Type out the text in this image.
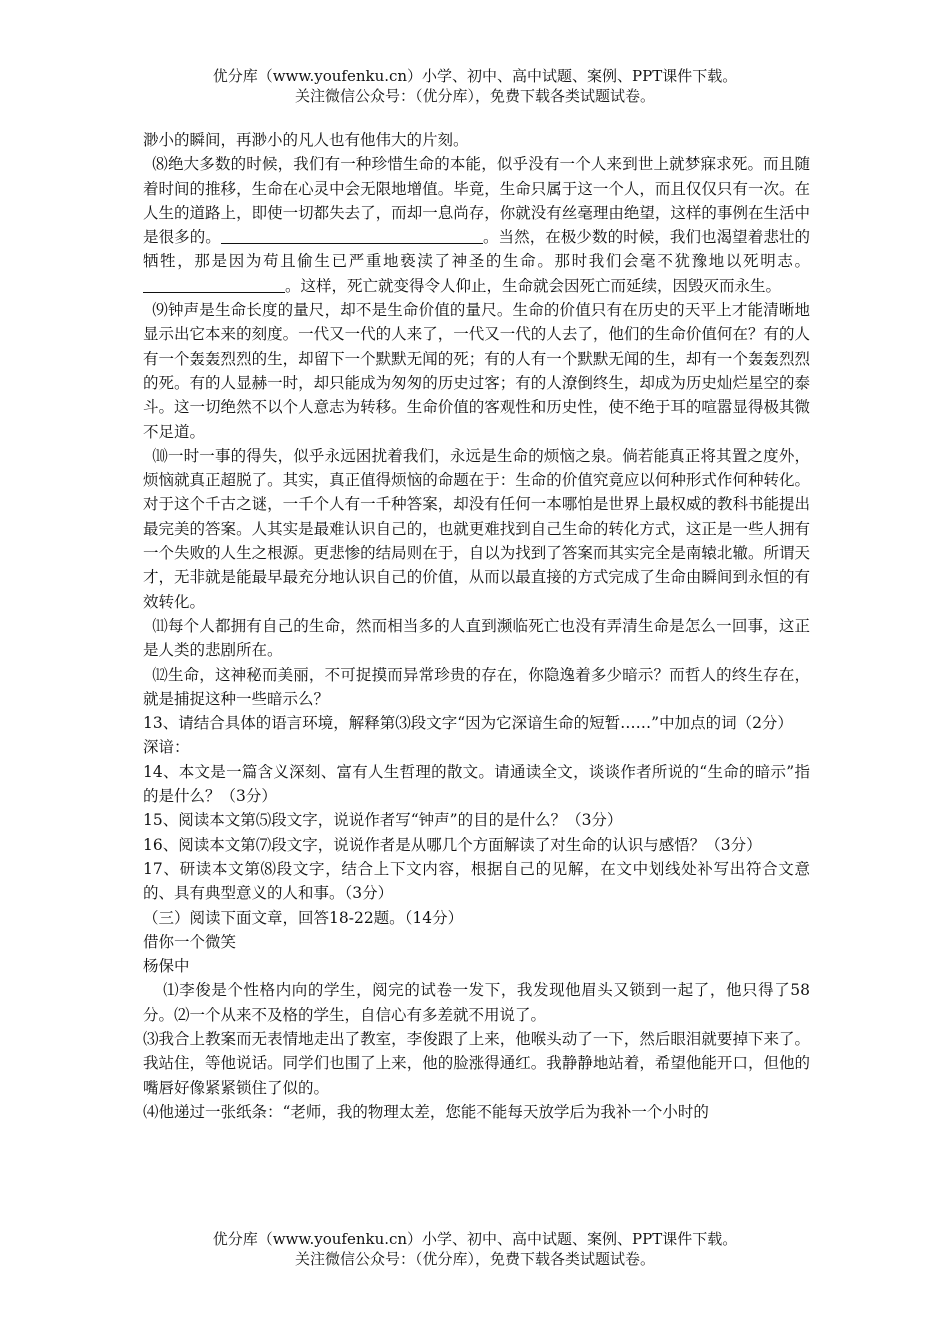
优分库（www.youfenku.cn）小学、初中、高中试题、案例、PPT课件下载。
关注微信公众号：（优分库），免费下载各类试题试卷。

渺小的瞬间，再渺小的凡人也有他伟大的片刻。

⑻绝大多数的时候，我们有一种珍惜生命的本能，似乎没有一个人来到世上就梦寐求死。而且随着时间的推移，生命在心灵中会无限地增值。毕竟，生命只属于这一个人，而且仅仅只有一次。在人生的道路上，即使一切都失去了，而却一息尚存，你就没有丝毫理由绝望，这样的事例在生活中是很多的。	。当然，在极少数的时候，我们也渴望着悲壮的牺牲，那是因为苟且偷生已严重地亵渎了神圣的生命。那时我们会毫不犹豫地以死明志。。这样，死亡就变得令人仰止，生命就会因死亡而延续，因毁灭而永生。

⑼钟声是生命长度的量尺，却不是生命价值的量尺。生命的价值只有在历史的天平上才能清晰地显示出它本来的刻度。一代又一代的人来了，一代又一代的人去了，他们的生命价值何在？有的人有一个轰轰烈烈的生，却留下一个默默无闻的死；有的人有一个默默无闻的生，却有一个轰轰烈烈的死。有的人显赫一时，却只能成为匆匆的历史过客；有的人潦倒终生，却成为历史灿烂星空的泰斗。这一切绝然不以个人意志为转移。生命价值的客观性和历史性，使不绝于耳的喧嚣显得极其微不足道。

⑽一时一事的得失，似乎永远困扰着我们，永远是生命的烦恼之泉。倘若能真正将其置之度外，烦恼就真正超脱了。其实，真正值得烦恼的命题在于：生命的价值究竟应以何种形式作何种转化。对于这个千古之谜，一千个人有一千种答案，却没有任何一本哪怕是世界上最权威的教科书能提出最完美的答案。人其实是最难认识自己的，也就更难找到自己生命的转化方式，这正是一些人拥有一个失败的人生之根源。更悲惨的结局则在于，自以为找到了答案而其实完全是南辕北辙。所谓天才，无非就是能最早最充分地认识自己的价值，从而以最直接的方式完成了生命由瞬间到永恒的有效转化。

⑾每个人都拥有自己的生命，然而相当多的人直到濒临死亡也没有弄清生命是怎么一回事，这正是人类的悲剧所在。

⑿生命，这神秘而美丽，不可捉摸而异常珍贵的存在，你隐逸着多少暗示？而哲人的终生存在，就是捕捉这种一些暗示么？

13、请结合具体的语言环境，解释第⑶段文字“因为它深谙生命的短暂……”中加点的词（2分）

深谙：

14、本文是一篇含义深刻、富有人生哲理的散文。请通读全文，谈谈作者所说的“生命的暗示”指的是什么？（3分）

15、阅读本文第⑸段文字，说说作者写“钟声”的目的是什么？（3分）

16、阅读本文第⑺段文字，说说作者是从哪几个方面解读了对生命的认识与感悟？（3分）

17、研读本文第⑻段文字，结合上下文内容，根据自己的见解，在文中划线处补写出符合文意的、具有典型意义的人和事。（3分）

（三）阅读下面文章，回答18-22题。（14分）

借你一个微笑

杨保中

⑴李俊是个性格内向的学生，阅完的试卷一发下，我发现他眉头又锁到一起了，他只得了58分。⑵一个从来不及格的学生，自信心有多差就不用说了。

⑶我合上教案而无表情地走出了教室，李俊跟了上来，他喉头动了一下，然后眼泪就要掉下来了。我站住，等他说话。同学们也围了上来，他的脸涨得通红。我静静地站着，希望他能开口，但他的嘴唇好像紧紧锁住了似的。

⑷他递过一张纸条：“老师，我的物理太差，您能不能每天放学后为我补一个小时的

优分库（www.youfenku.cn）小学、初中、高中试题、案例、PPT课件下载。
关注微信公众号：（优分库），免费下载各类试题试卷。
